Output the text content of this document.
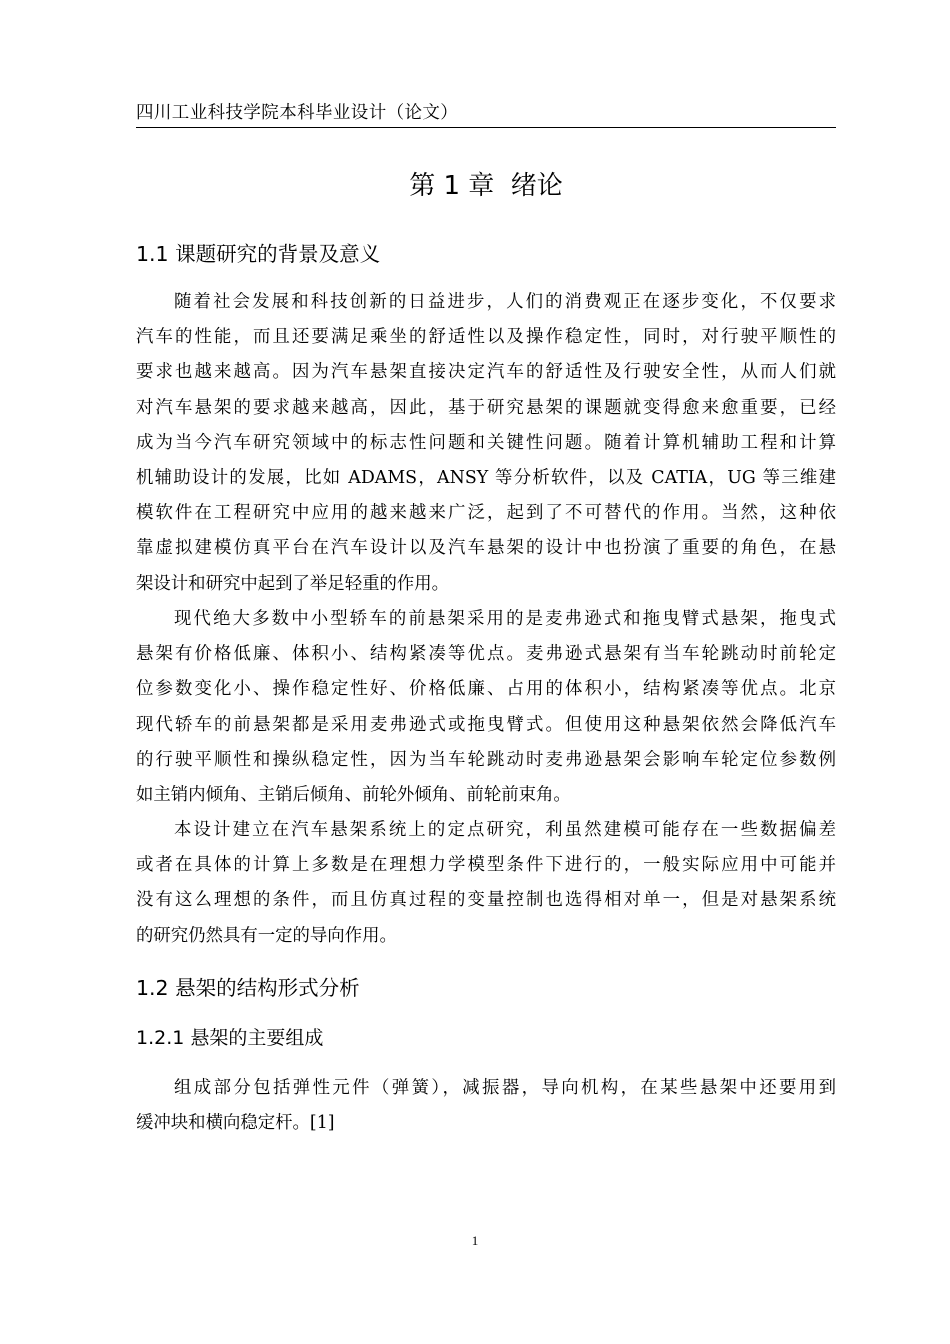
四川工业科技学院本科毕业设计（论文）
第 1 章  绪论
1.1 课题研究的背景及意义
随着社会发展和科技创新的日益进步，人们的消费观正在逐步变化，不仅要求
汽车的性能，而且还要满足乘坐的舒适性以及操作稳定性，同时，对行驶平顺性的
要求也越来越高。因为汽车悬架直接决定汽车的舒适性及行驶安全性，从而人们就
对汽车悬架的要求越来越高，因此，基于研究悬架的课题就变得愈来愈重要，已经
成为当今汽车研究领域中的标志性问题和关键性问题。随着计算机辅助工程和计算
机辅助设计的发展，比如 ADAMS，ANSY 等分析软件，以及 CATIA，UG 等三维建
模软件在工程研究中应用的越来越来广泛，起到了不可替代的作用。当然，这种依
靠虚拟建模仿真平台在汽车设计以及汽车悬架的设计中也扮演了重要的角色，在悬
架设计和研究中起到了举足轻重的作用。
现代绝大多数中小型轿车的前悬架采用的是麦弗逊式和拖曳臂式悬架，拖曳式
悬架有价格低廉、体积小、结构紧凑等优点。麦弗逊式悬架有当车轮跳动时前轮定
位参数变化小、操作稳定性好、价格低廉、占用的体积小，结构紧凑等优点。北京
现代轿车的前悬架都是采用麦弗逊式或拖曳臂式。但使用这种悬架依然会降低汽车
的行驶平顺性和操纵稳定性，因为当车轮跳动时麦弗逊悬架会影响车轮定位参数例
如主销内倾角、主销后倾角、前轮外倾角、前轮前束角。
本设计建立在汽车悬架系统上的定点研究，利虽然建模可能存在一些数据偏差
或者在具体的计算上多数是在理想力学模型条件下进行的，一般实际应用中可能并
没有这么理想的条件，而且仿真过程的变量控制也选得相对单一，但是对悬架系统
的研究仍然具有一定的导向作用。
1.2 悬架的结构形式分析
1.2.1 悬架的主要组成
组成部分包括弹性元件（弹簧），减振器，导向机构，在某些悬架中还要用到
缓冲块和横向稳定杆。[1]
1
